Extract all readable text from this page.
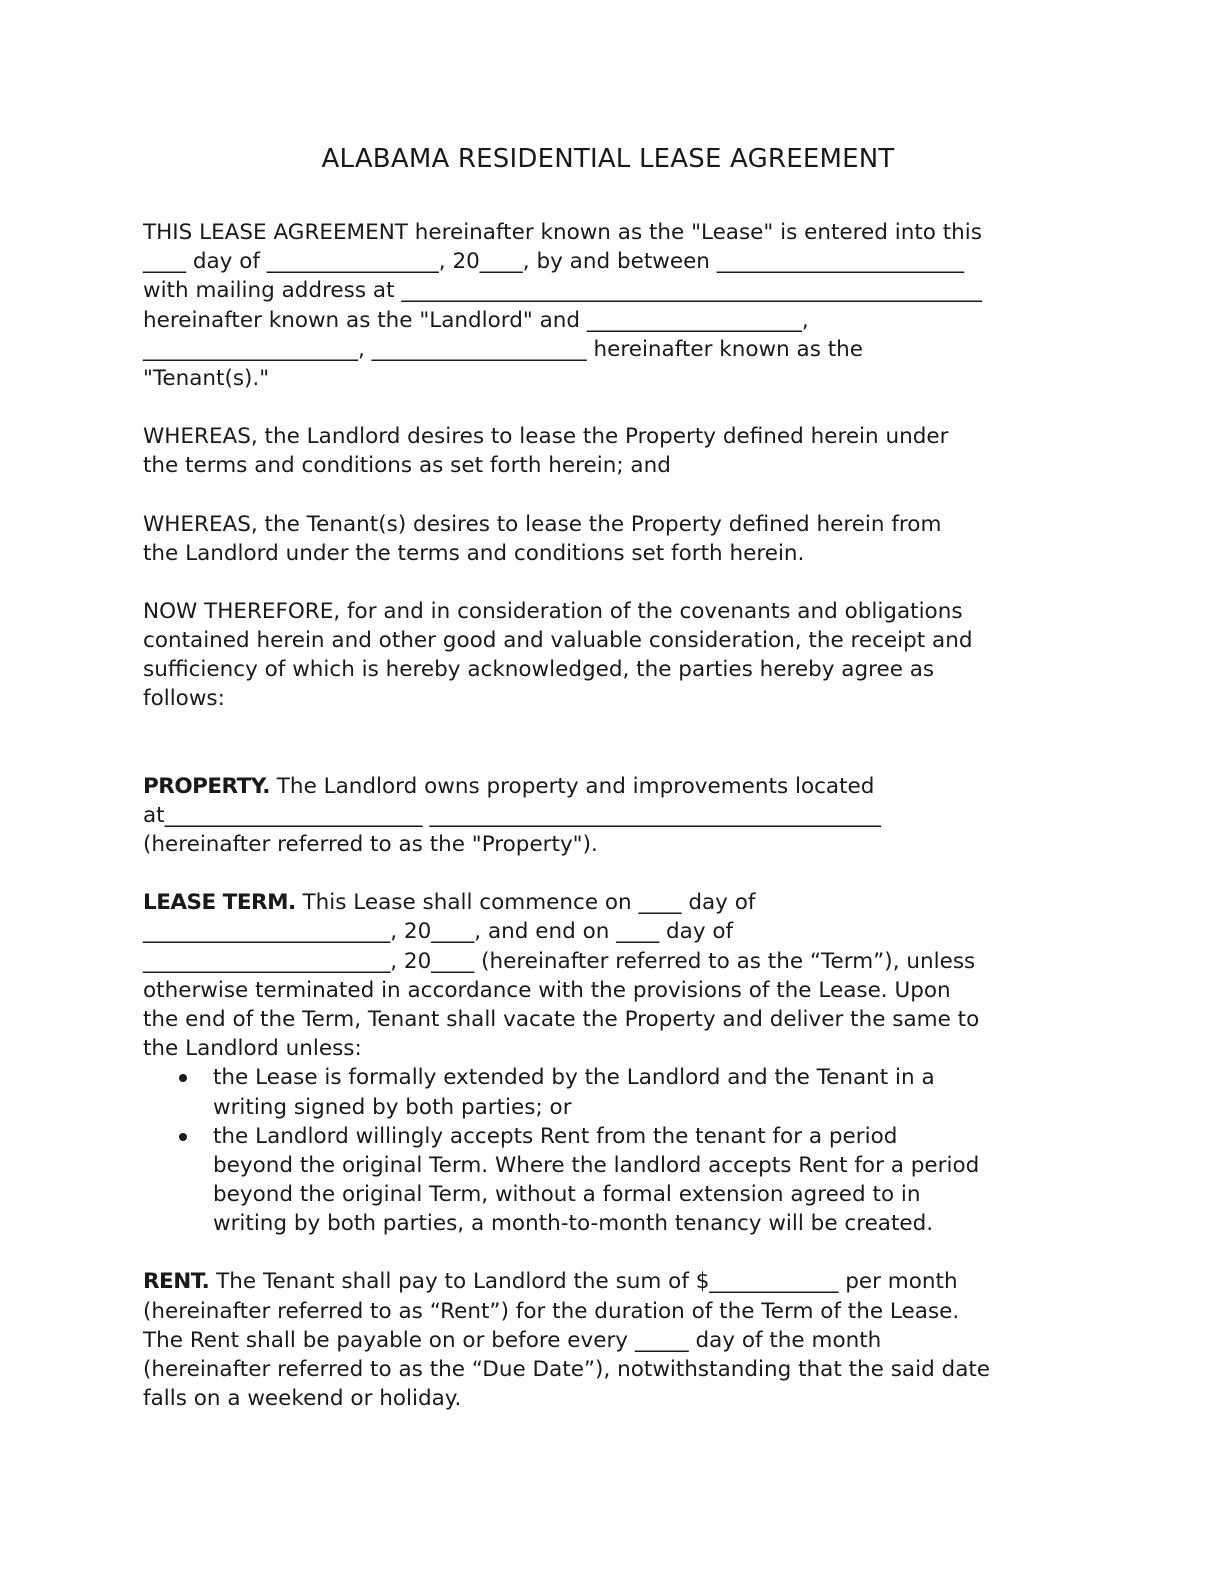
ALABAMA RESIDENTIAL LEASE AGREEMENT
THIS LEASE AGREEMENT hereinafter known as the "Lease" is entered into this
____ day of ________________, 20____, by and between _______________________
with mailing address at ______________________________________________________
hereinafter known as the "Landlord" and ____________________,
____________________, ____________________ hereinafter known as the
"Tenant(s)."
WHEREAS, the Landlord desires to lease the Property defined herein under
the terms and conditions as set forth herein; and
WHEREAS, the Tenant(s) desires to lease the Property defined herein from
the Landlord under the terms and conditions set forth herein.
NOW THEREFORE, for and in consideration of the covenants and obligations
contained herein and other good and valuable consideration, the receipt and
sufficiency of which is hereby acknowledged, the parties hereby agree as
follows:
PROPERTY. The Landlord owns property and improvements located
at________________________ __________________________________________
(hereinafter referred to as the "Property").
LEASE TERM. This Lease shall commence on ____ day of
_______________________, 20____, and end on ____ day of
_______________________, 20____ (hereinafter referred to as the “Term”), unless
otherwise terminated in accordance with the provisions of the Lease. Upon
the end of the Term, Tenant shall vacate the Property and deliver the same to
the Landlord unless:
the Lease is formally extended by the Landlord and the Tenant in a
writing signed by both parties; or
the Landlord willingly accepts Rent from the tenant for a period
beyond the original Term. Where the landlord accepts Rent for a period
beyond the original Term, without a formal extension agreed to in
writing by both parties, a month-to-month tenancy will be created.
RENT. The Tenant shall pay to Landlord the sum of $____________ per month
(hereinafter referred to as “Rent”) for the duration of the Term of the Lease.
The Rent shall be payable on or before every _____ day of the month
(hereinafter referred to as the “Due Date”), notwithstanding that the said date
falls on a weekend or holiday.
